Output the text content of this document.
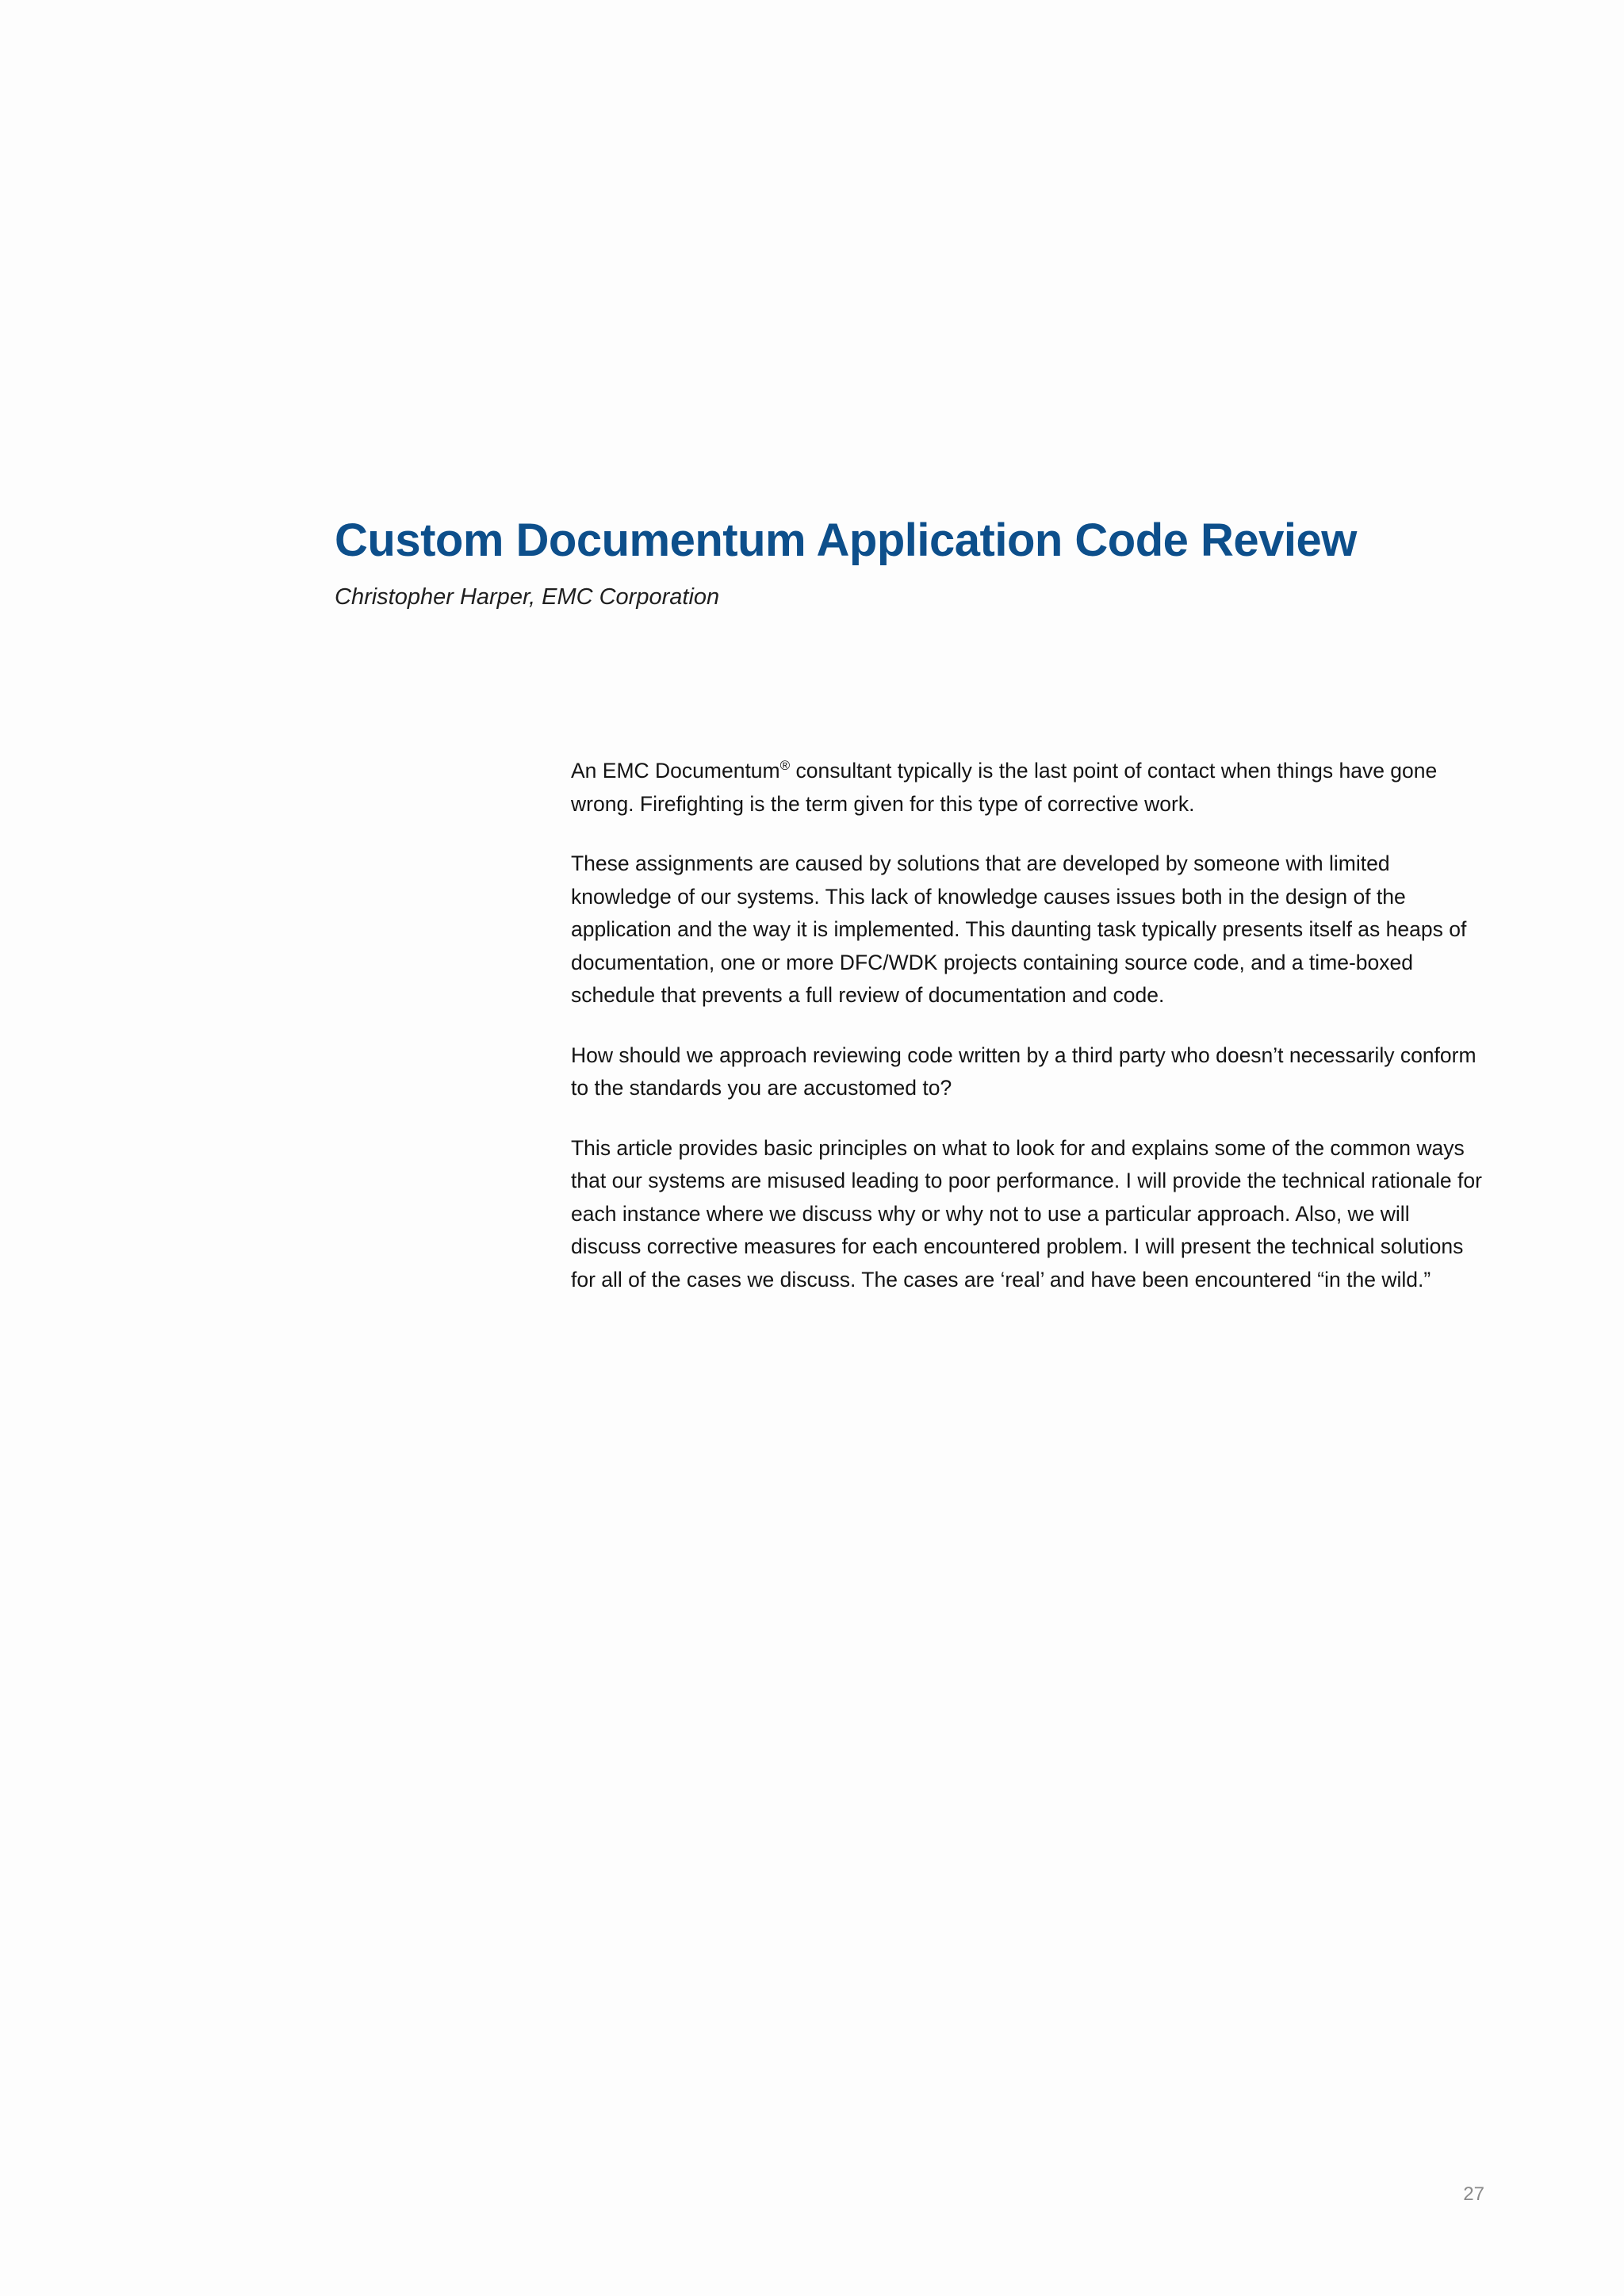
Custom Documentum Application Code Review

Christopher Harper, EMC Corporation

An EMC Documentum® consultant typically is the last point of contact when things have gone wrong. Firefighting is the term given for this type of corrective work.

These assignments are caused by solutions that are developed by someone with limited knowledge of our systems. This lack of knowledge causes issues both in the design of the application and the way it is implemented. This daunting task typically presents itself as heaps of documentation, one or more DFC/WDK projects containing source code, and a time-boxed schedule that prevents a full review of documentation and code.

How should we approach reviewing code written by a third party who doesn’t necessarily conform to the standards you are accustomed to?

This article provides basic principles on what to look for and explains some of the common ways that our systems are misused leading to poor performance. I will provide the technical rationale for each instance where we discuss why or why not to use a particular approach. Also, we will discuss corrective measures for each encountered problem. I will present the technical solutions for all of the cases we discuss. The cases are ‘real’ and have been encountered “in the wild.”

27
